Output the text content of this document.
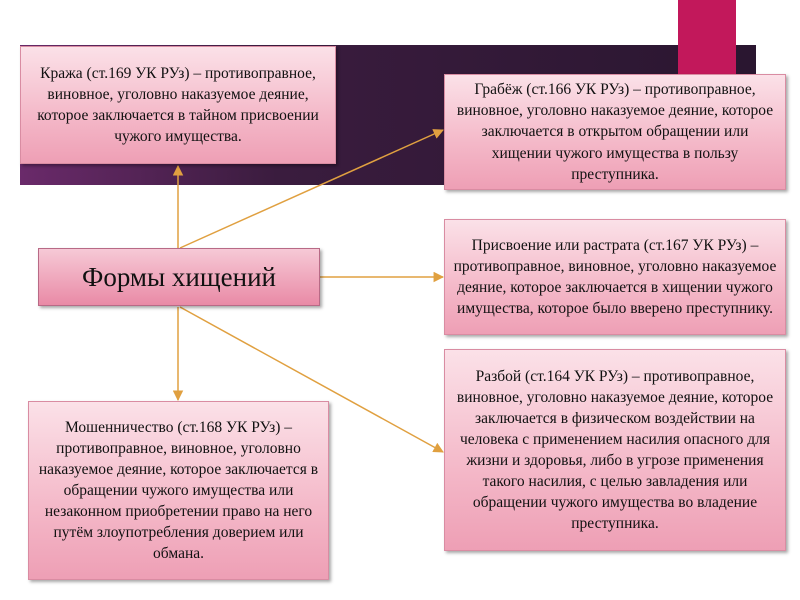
Кража (ст.169 УК РУз) – противоправное, виновное, уголовно наказуемое деяние, которое заключается в тайном присвоении чужого имущества.
Грабёж (ст.166 УК РУз) – противоправное, виновное, уголовно наказуемое деяние, которое заключается в открытом обращении или хищении чужого имущества в пользу преступника.
Формы хищений
Присвоение или растрата (ст.167 УК РУз) – противоправное, виновное, уголовно наказуемое деяние, которое заключается в хищении чужого имущества, которое было вверено преступнику.
Разбой (ст.164 УК РУз) – противоправное, виновное, уголовно наказуемое деяние, которое заключается в физическом воздействии на человека с применением насилия опасного для жизни и здоровья, либо в угрозе применения такого насилия, с целью завладения или обращении чужого имущества во владение преступника.
Мошенничество (ст.168 УК РУз) – противоправное, виновное, уголовно наказуемое деяние, которое заключается в обращении чужого имущества или незаконном приобретении право на него путём злоупотребления доверием или обмана.
